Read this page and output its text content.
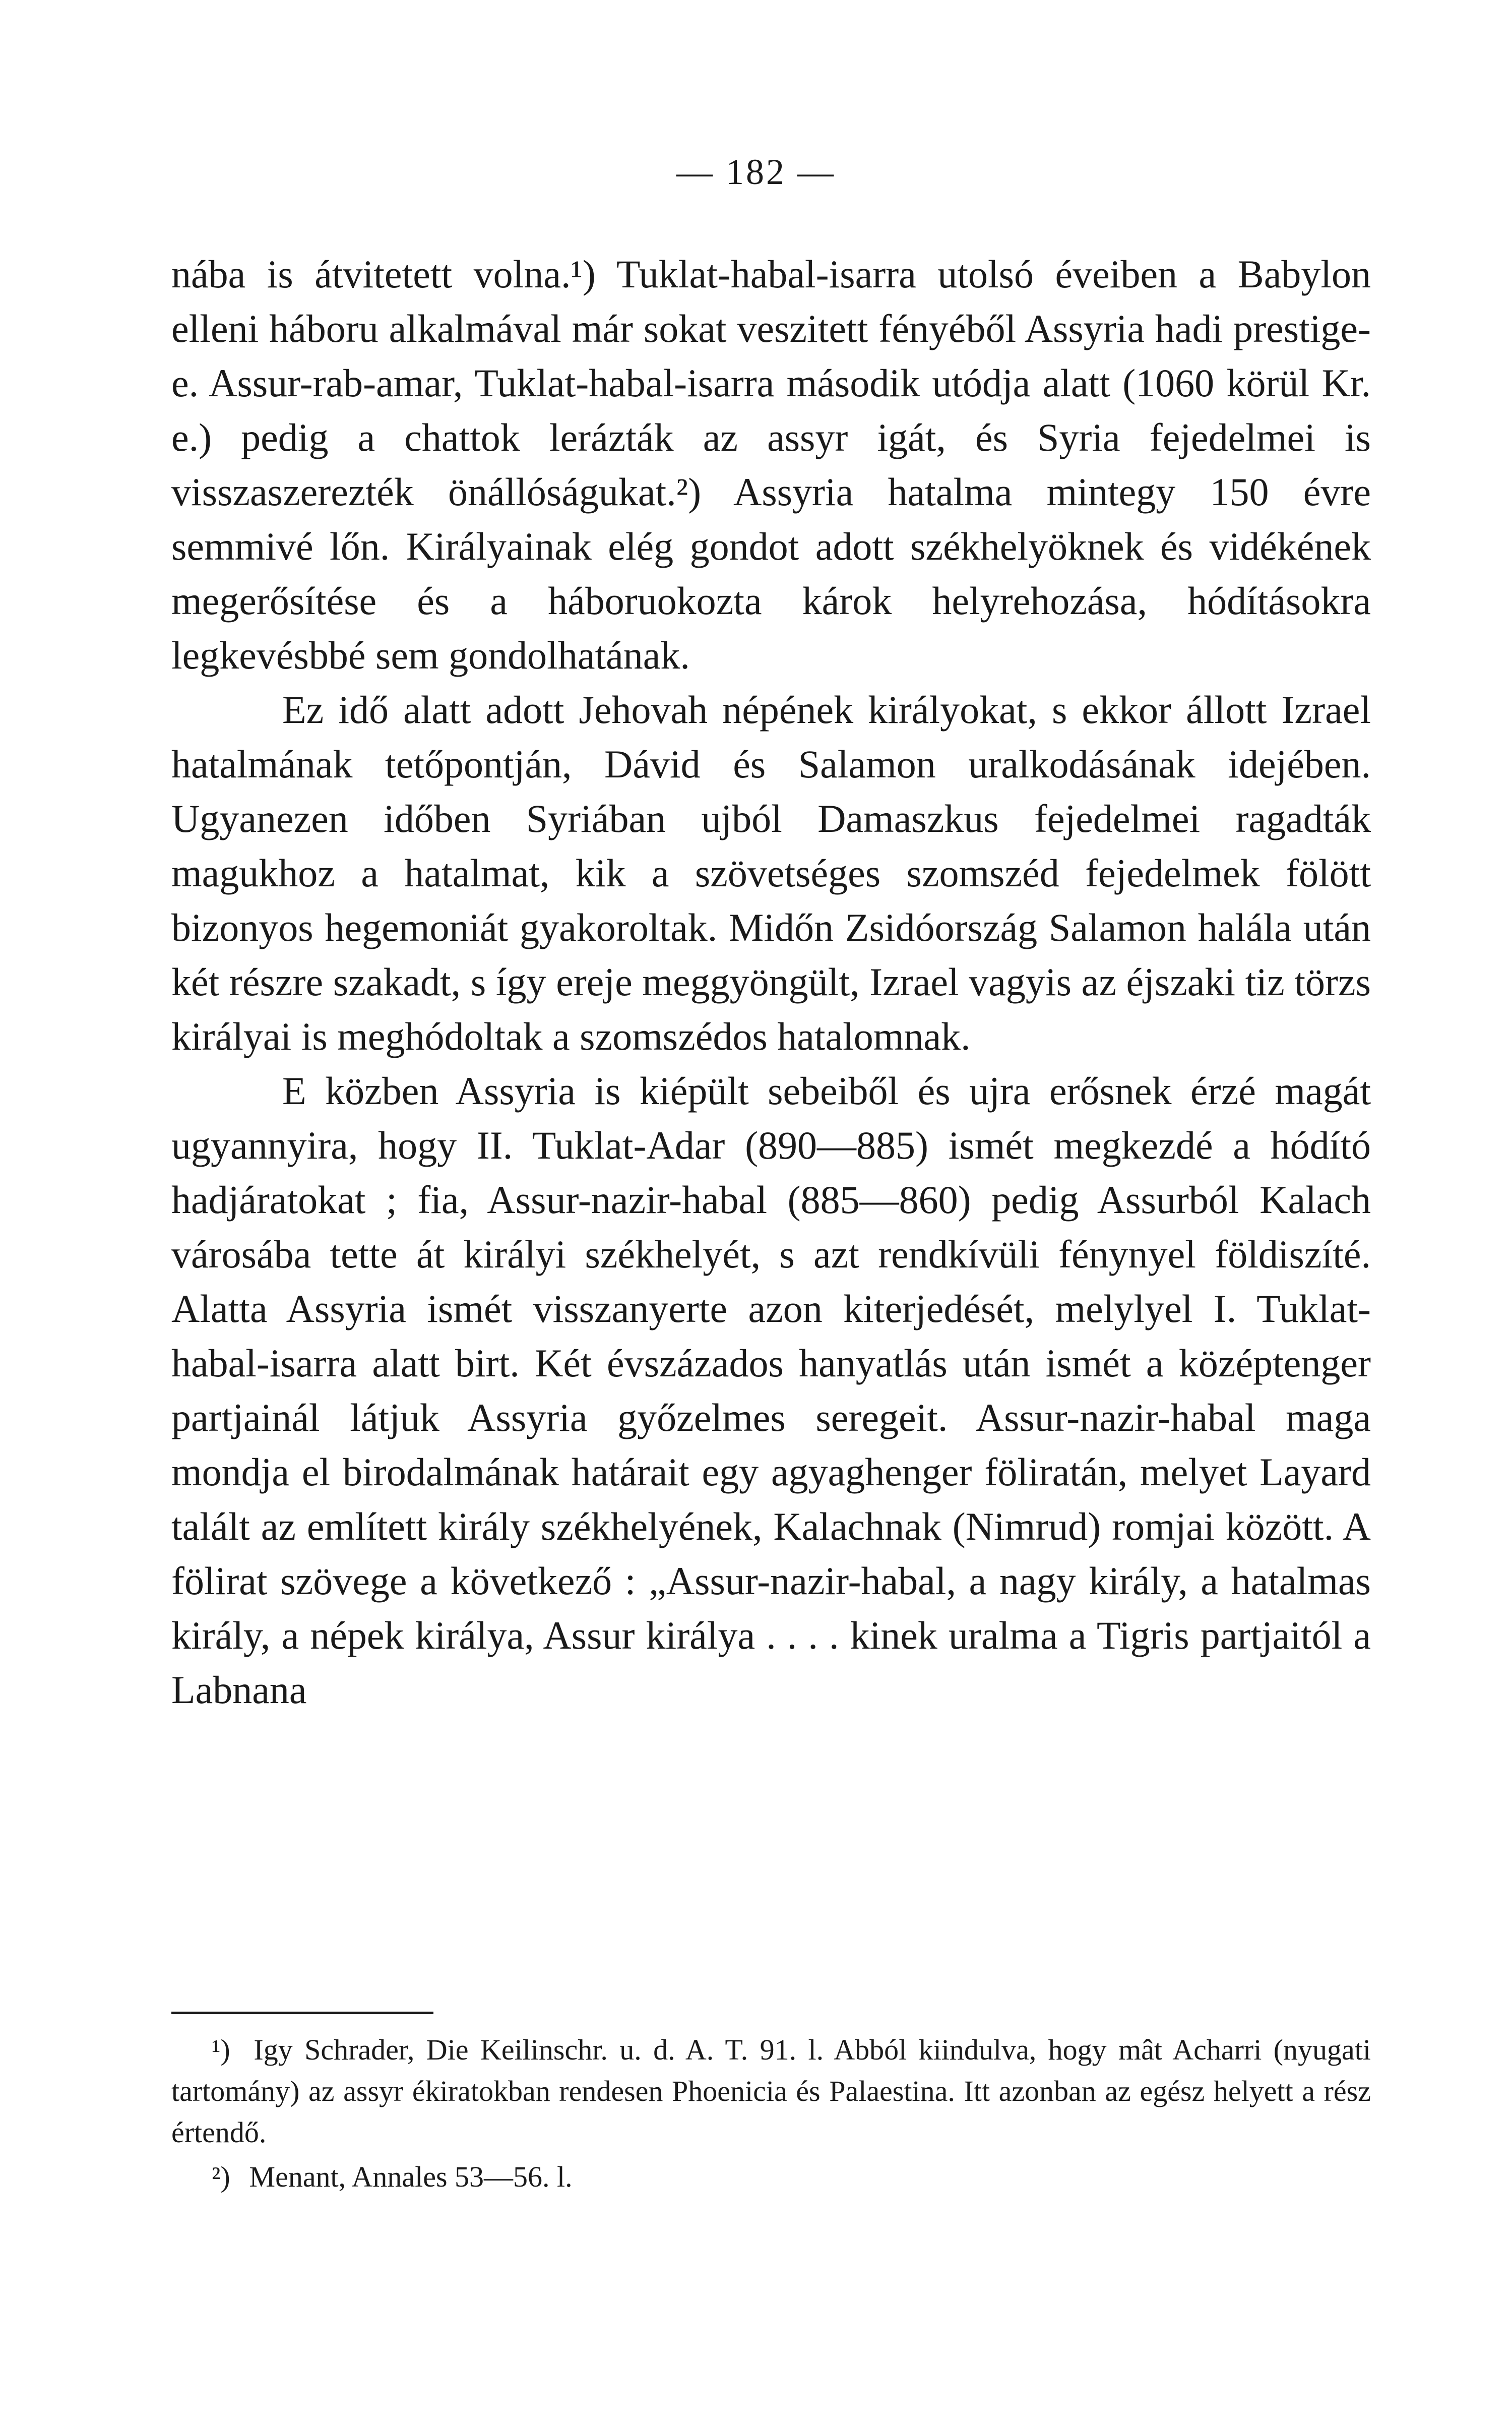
— 182 —

nába is átvitetett volna.¹) Tuklat-habal-isarra utolsó éveiben a Babylon elleni háboru alkalmával már sokat veszitett fényéből Assyria hadi prestige-e. Assur-rab-amar, Tuklat-habal-isarra második utódja alatt (1060 körül Kr. e.) pedig a chattok lerázták az assyr igát, és Syria fejedelmei is visszaszerezték önállóságukat.²) Assyria hatalma mintegy 150 évre semmivé lőn. Királyainak elég gondot adott székhelyöknek és vidékének megerősítése és a háboruokozta károk helyrehozása, hódításokra legkevésbbé sem gondolhatának.

Ez idő alatt adott Jehovah népének királyokat, s ekkor állott Izrael hatalmának tetőpontján, Dávid és Salamon uralkodásának idejében. Ugyanezen időben Syriában ujból Damaszkus fejedelmei ragadták magukhoz a hatalmat, kik a szövetséges szomszéd fejedelmek fölött bizonyos hegemoniát gyakoroltak. Midőn Zsidóország Salamon halála után két részre szakadt, s így ereje meggyöngült, Izrael vagyis az éjszaki tiz törzs királyai is meghódoltak a szomszédos hatalomnak.

E közben Assyria is kiépült sebeiből és ujra erősnek érzé magát ugyannyira, hogy II. Tuklat-Adar (890—885) ismét megkezdé a hódító hadjáratokat ; fia, Assur-nazir-habal (885—860) pedig Assurból Kalach városába tette át királyi székhelyét, s azt rendkívüli fénynyel földiszíté. Alatta Assyria ismét visszanyerte azon kiterjedését, melylyel I. Tuklat-habal-isarra alatt birt. Két évszázados hanyatlás után ismét a középtenger partjainál látjuk Assyria győzelmes seregeit. Assur-nazir-habal maga mondja el birodalmának határait egy agyaghenger föliratán, melyet Layard talált az említett király székhelyének, Kalachnak (Nimrud) romjai között. A fölirat szövege a következő : „Assur-nazir-habal, a nagy király, a hatalmas király, a népek királya, Assur királya . . . . kinek uralma a Tigris partjaitól a Labnana

¹) Igy Schrader, Die Keilinschr. u. d. A. T. 91. l. Abból kiindulva, hogy mât Acharri (nyugati tartomány) az assyr ékiratokban rendesen Phoenicia és Palaestina. Itt azonban az egész helyett a rész értendő.

²) Menant, Annales 53—56. l.
